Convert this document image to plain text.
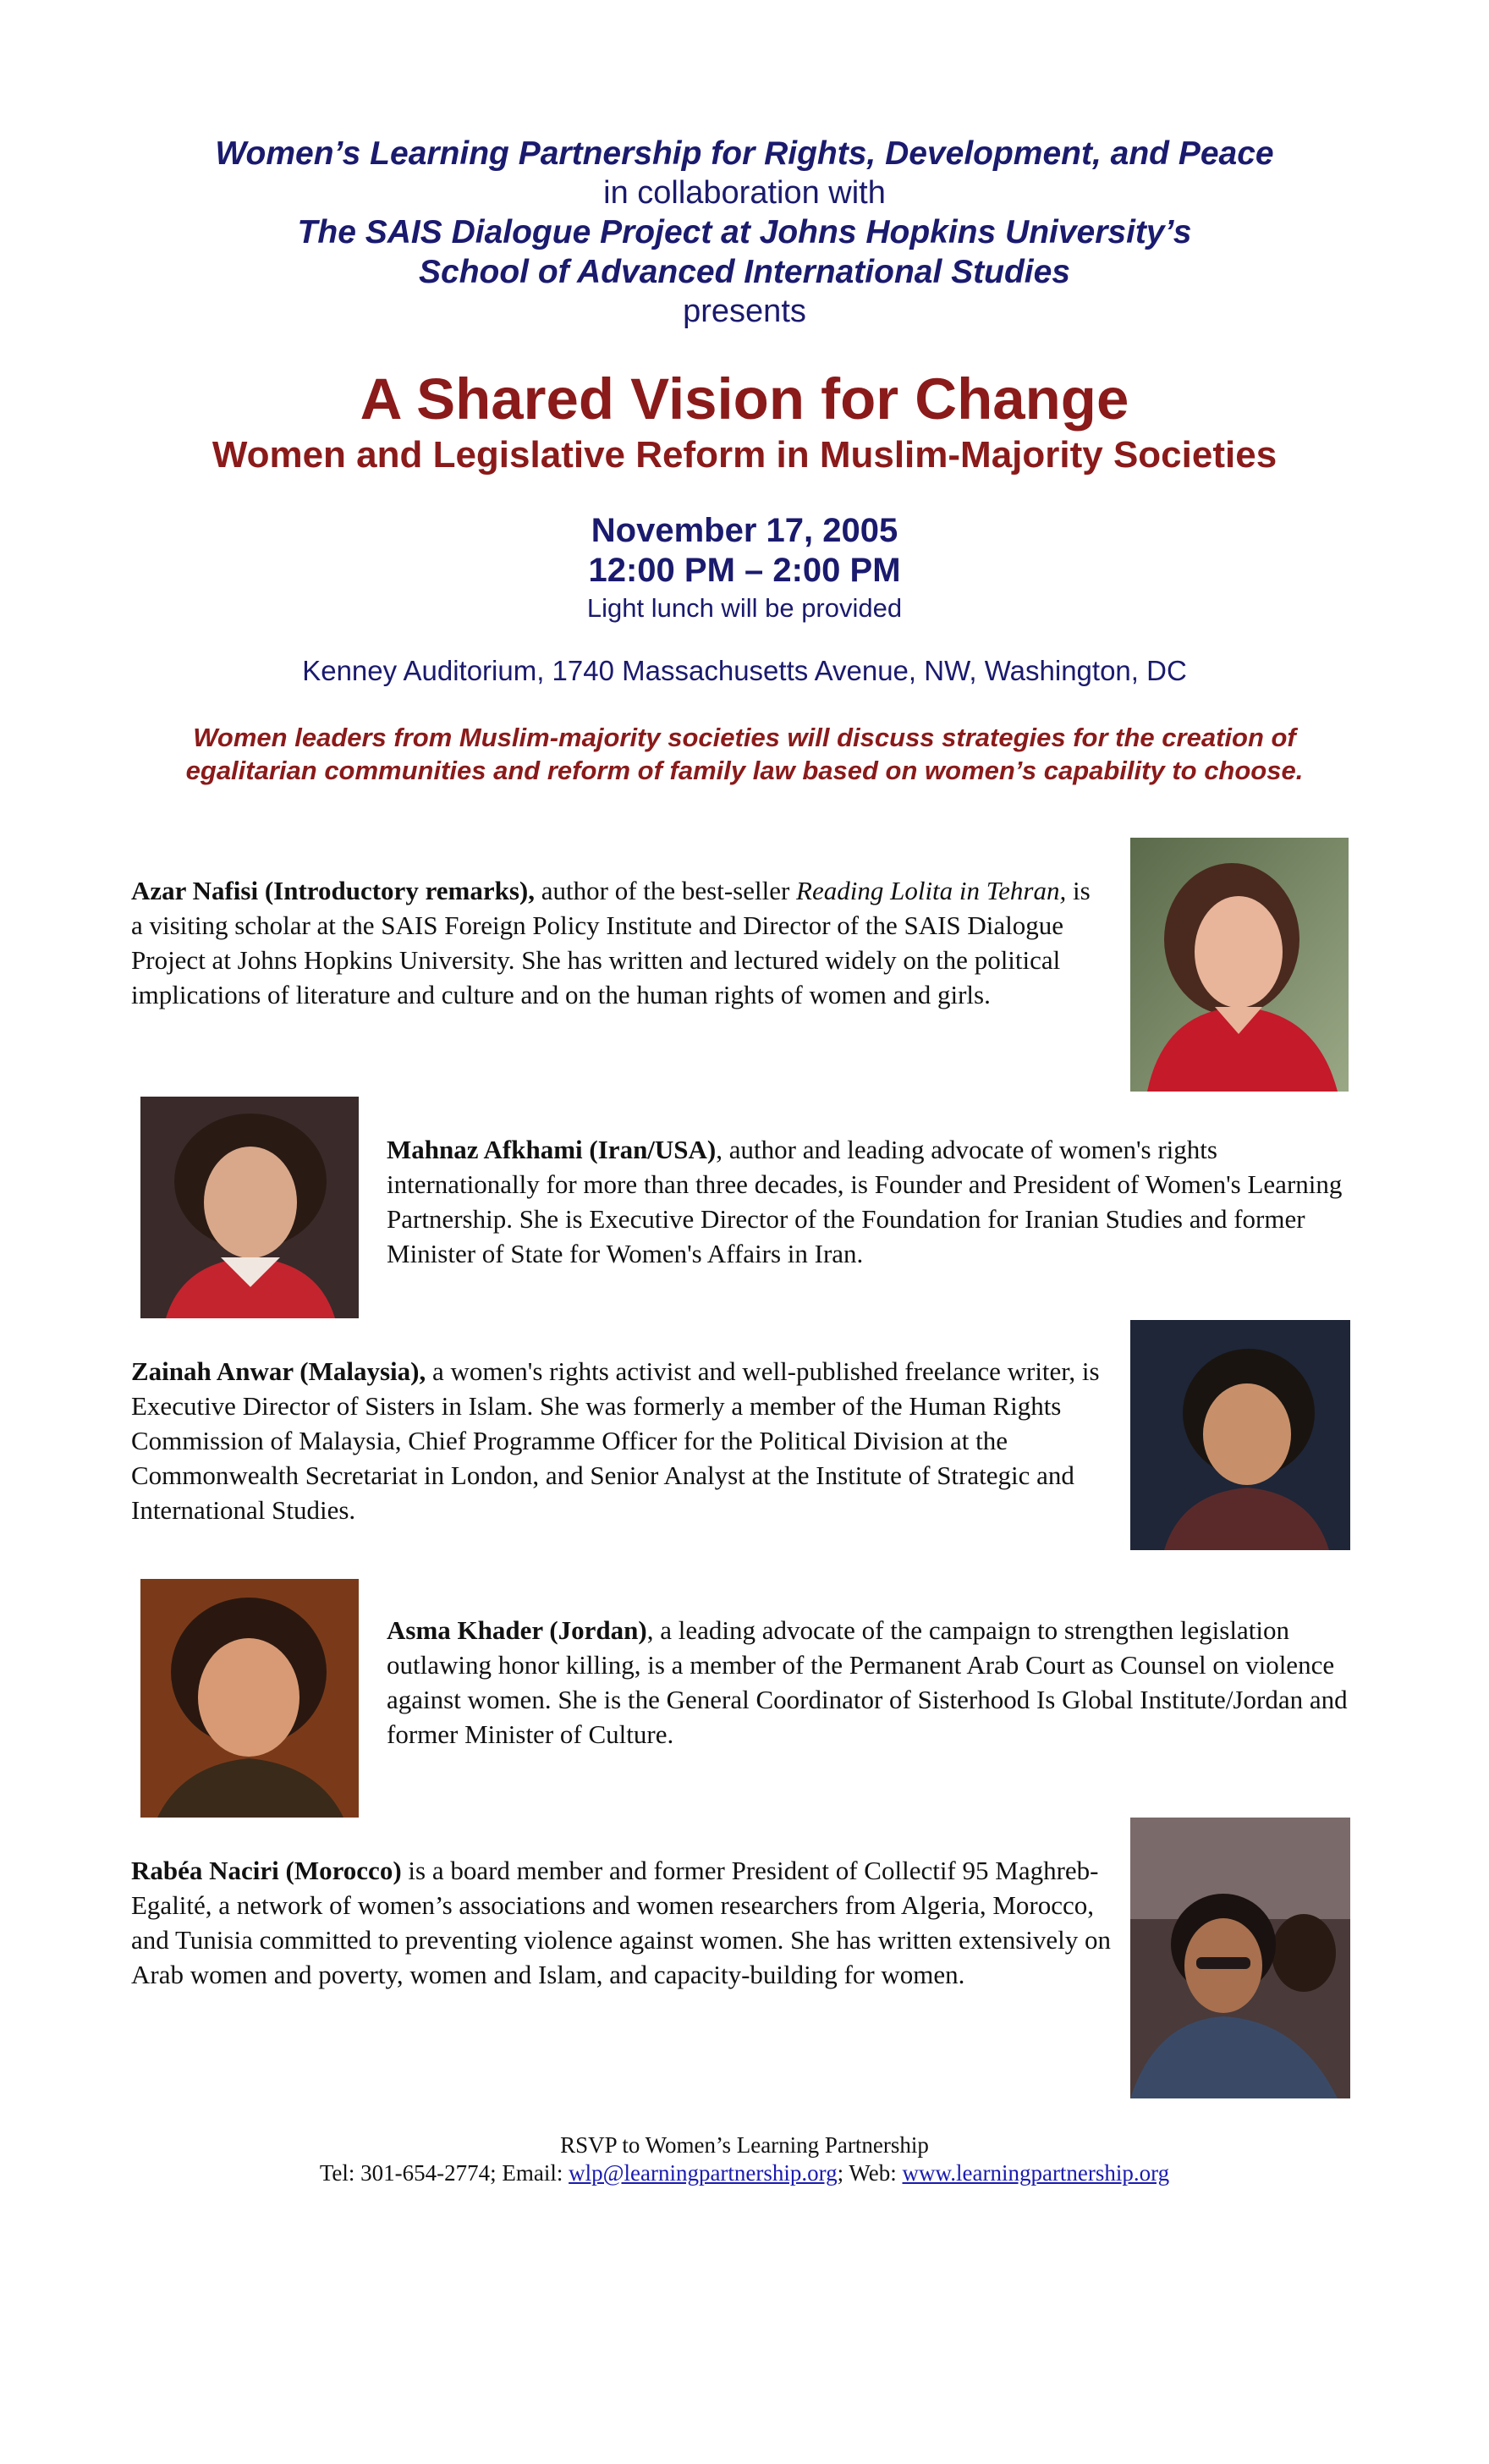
Women’s Learning Partnership for Rights, Development, and Peace
in collaboration with
The SAIS Dialogue Project at Johns Hopkins University’s
School of Advanced International Studies
presents
A Shared Vision for Change
Women and Legislative Reform in Muslim-Majority Societies
November 17, 2005
12:00 PM – 2:00 PM
Light lunch will be provided
Kenney Auditorium, 1740 Massachusetts Avenue, NW, Washington, DC
Women leaders from Muslim-majority societies will discuss strategies for the creation of
egalitarian communities and reform of family law based on women’s capability to choose.
Azar Nafisi (Introductory remarks), author of the best-seller Reading Lolita in Tehran, is a visiting scholar at the SAIS Foreign Policy Institute and Director of the SAIS Dialogue Project at Johns Hopkins University. She has written and lectured widely on the political implications of literature and culture and on the human rights of women and girls.
Mahnaz Afkhami (Iran/USA), author and leading advocate of women's rights internationally for more than three decades, is Founder and President of Women's Learning Partnership. She is Executive Director of the Foundation for Iranian Studies and former Minister of State for Women's Affairs in Iran.
Zainah Anwar (Malaysia), a women's rights activist and well-published freelance writer, is Executive Director of Sisters in Islam. She was formerly a member of the Human Rights Commission of Malaysia, Chief Programme Officer for the Political Division at the Commonwealth Secretariat in London, and Senior Analyst at the Institute of Strategic and International Studies.
Asma Khader (Jordan), a leading advocate of the campaign to strengthen legislation outlawing honor killing, is a member of the Permanent Arab Court as Counsel on violence against women. She is the General Coordinator of Sisterhood Is Global Institute/Jordan and former Minister of Culture.
Rabéa Naciri (Morocco) is a board member and former President of Collectif 95 Maghreb-Egalité, a network of women’s associations and women researchers from Algeria, Morocco, and Tunisia committed to preventing violence against women. She has written extensively on Arab women and poverty, women and Islam, and capacity-building for women.
RSVP to Women’s Learning Partnership
Tel: 301-654-2774; Email: wlp@learningpartnership.org; Web: www.learningpartnership.org
